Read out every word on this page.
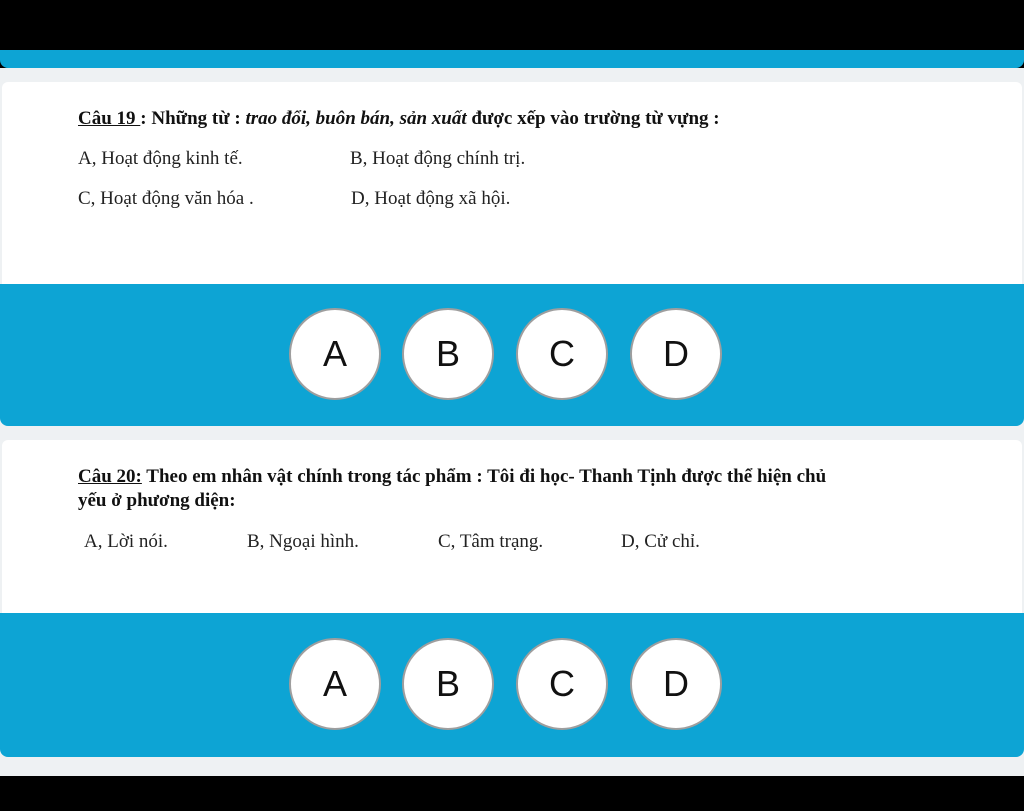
Câu 19 : Những từ : trao đổi, buôn bán, sản xuất được xếp vào trường từ vựng :
A, Hoạt động kinh tế.	B, Hoạt động chính trị.
C, Hoạt động văn hóa .	D, Hoạt động xã hội.
A	B	C	D
Câu 20: Theo em nhân vật chính trong tác phẩm : Tôi đi học- Thanh Tịnh được thể hiện chủ
yếu ở phương diện:
A, Lời nói.	B, Ngoại hình.	C, Tâm trạng.	D, Cử chỉ.
A	B	C	D
